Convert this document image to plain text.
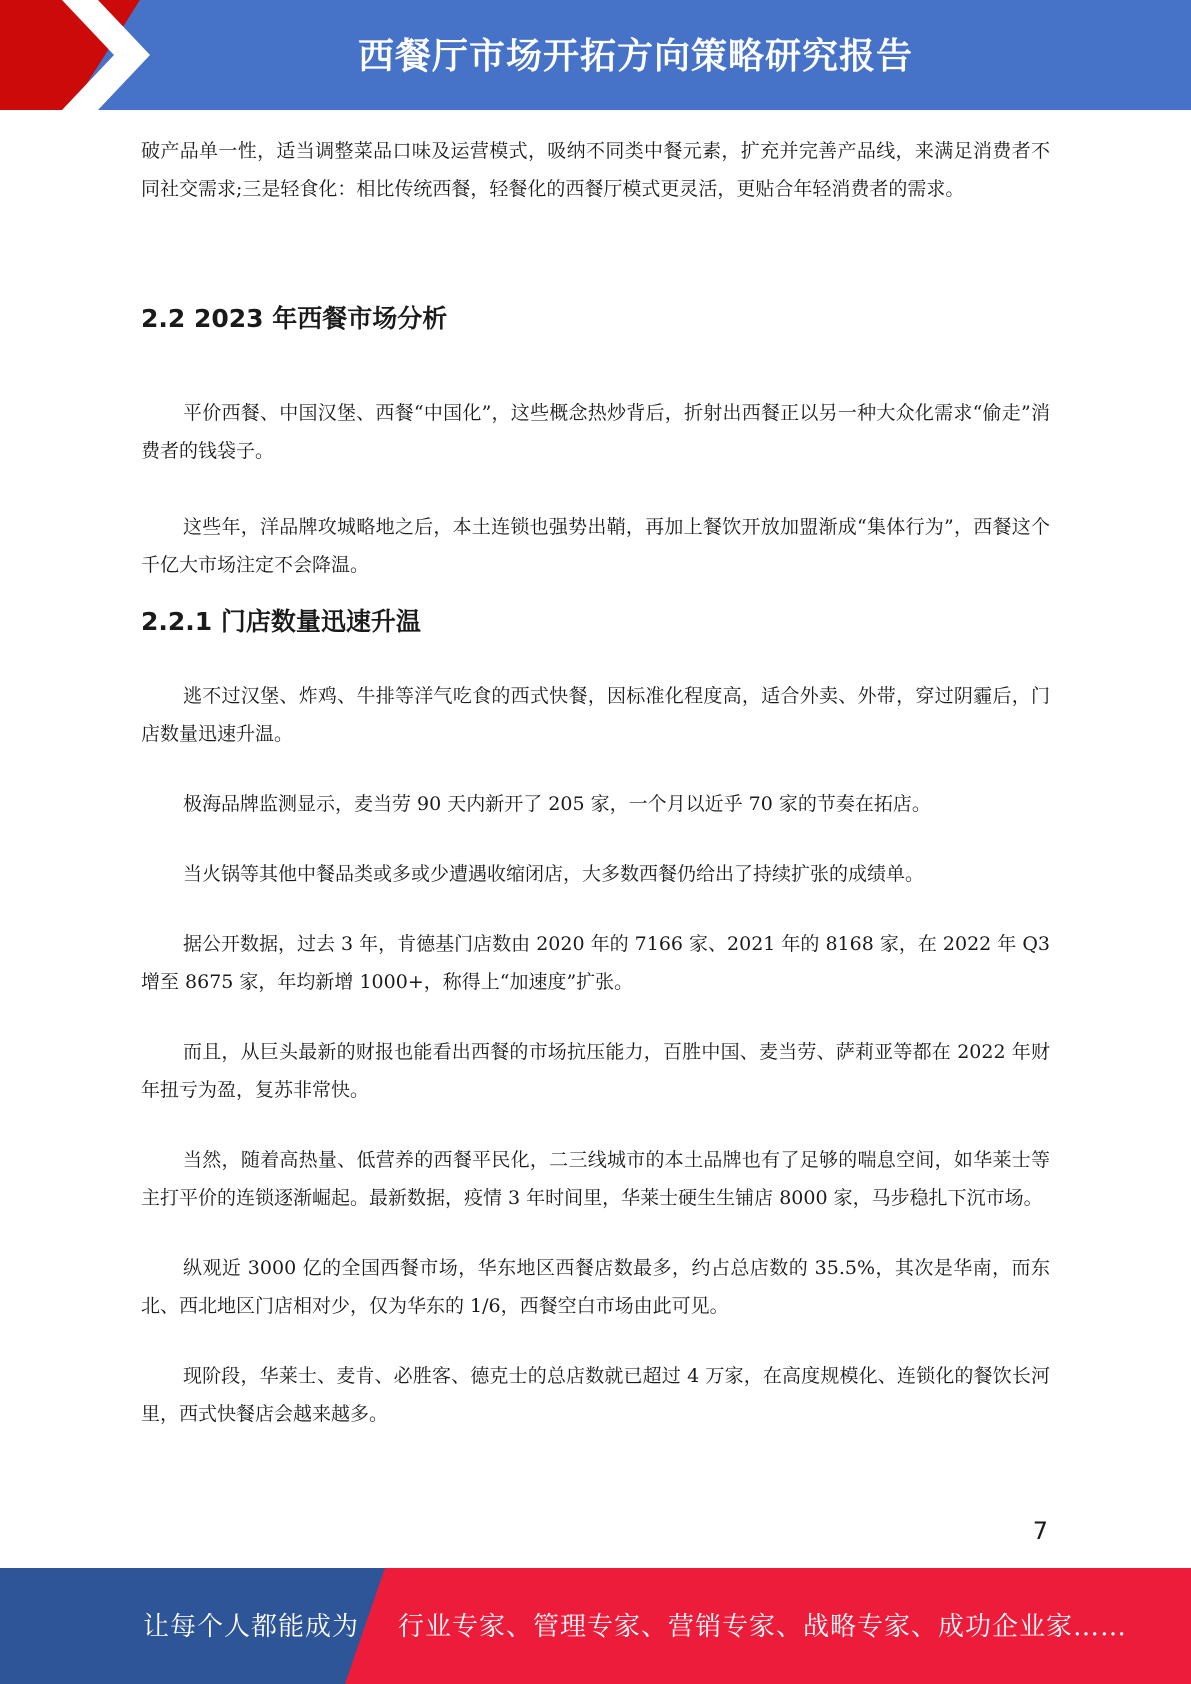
西餐厅市场开拓方向策略研究报告

破产品单一性，适当调整菜品口味及运营模式，吸纳不同类中餐元素，扩充并完善产品线，来满足消费者不同社交需求;三是轻食化：相比传统西餐，轻餐化的西餐厅模式更灵活，更贴合年轻消费者的需求。

2.2 2023 年西餐市场分析

平价西餐、中国汉堡、西餐“中国化”，这些概念热炒背后，折射出西餐正以另一种大众化需求“偷走”消费者的钱袋子。

这些年，洋品牌攻城略地之后，本土连锁也强势出鞘，再加上餐饮开放加盟渐成“集体行为”，西餐这个千亿大市场注定不会降温。

2.2.1 门店数量迅速升温

逃不过汉堡、炸鸡、牛排等洋气吃食的西式快餐，因标准化程度高，适合外卖、外带，穿过阴霾后，门店数量迅速升温。

极海品牌监测显示，麦当劳 90 天内新开了 205 家，一个月以近乎 70 家的节奏在拓店。

当火锅等其他中餐品类或多或少遭遇收缩闭店，大多数西餐仍给出了持续扩张的成绩单。

据公开数据，过去 3 年，肯德基门店数由 2020 年的 7166 家、2021 年的 8168 家，在 2022 年 Q3 增至 8675 家，年均新增 1000+，称得上“加速度”扩张。

而且，从巨头最新的财报也能看出西餐的市场抗压能力，百胜中国、麦当劳、萨莉亚等都在 2022 年财年扭亏为盈，复苏非常快。

当然，随着高热量、低营养的西餐平民化，二三线城市的本土品牌也有了足够的喘息空间，如华莱士等主打平价的连锁逐渐崛起。最新数据，疫情 3 年时间里，华莱士硬生生铺店 8000 家，马步稳扎下沉市场。

纵观近 3000 亿的全国西餐市场，华东地区西餐店数最多，约占总店数的 35.5%，其次是华南，而东北、西北地区门店相对少，仅为华东的 1/6，西餐空白市场由此可见。

现阶段，华莱士、麦肯、必胜客、德克士的总店数就已超过 4 万家，在高度规模化、连锁化的餐饮长河里，西式快餐店会越来越多。

7
让每个人都能成为 行业专家、管理专家、营销专家、战略专家、成功企业家……
